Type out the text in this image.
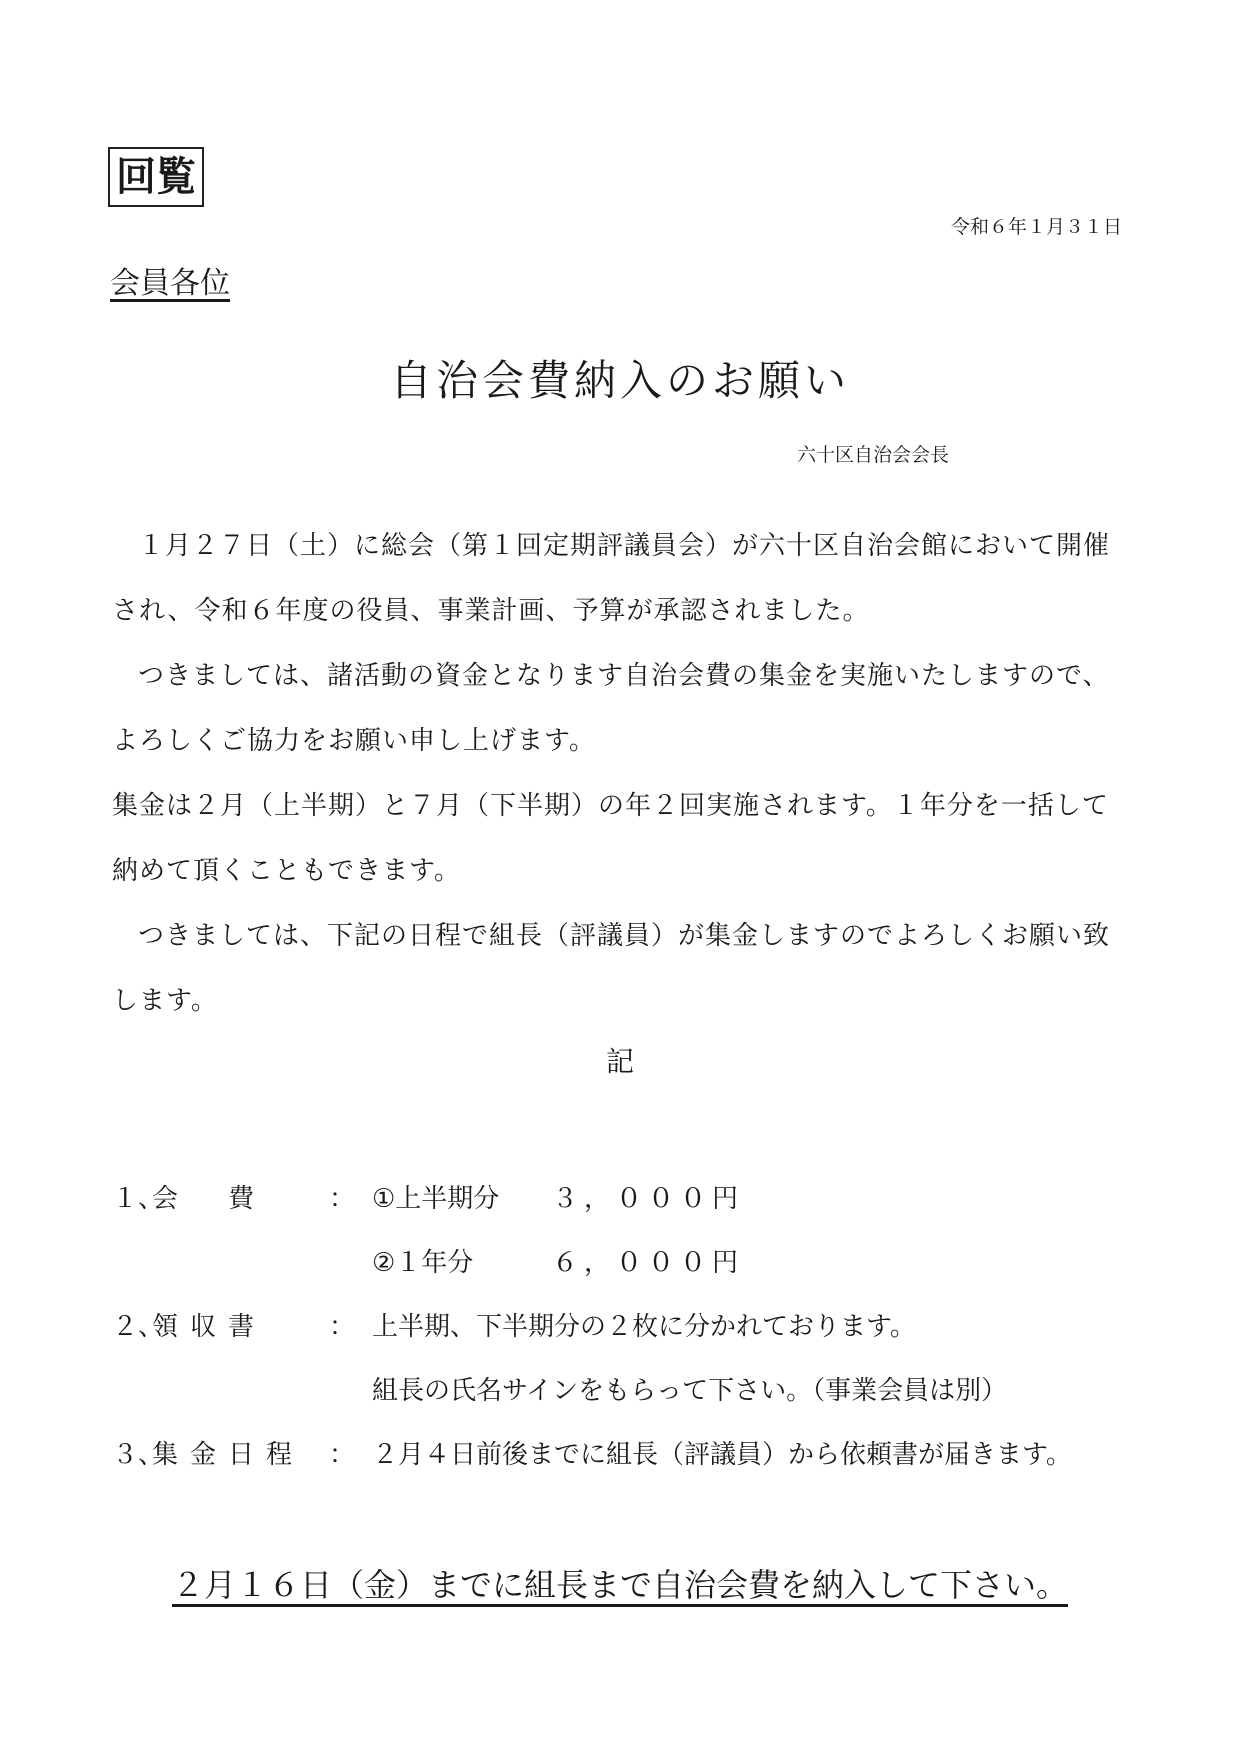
回覧
令和６年１月３１日
会員各位
自治会費納入のお願い
六十区自治会会長

１月２７日（土）に総会（第１回定期評議員会）が六十区自治会館において開催され、令和６年度の役員、事業計画、予算が承認されました。

つきましては、諸活動の資金となります自治会費の集金を実施いたしますので、よろしくご協力をお願い申し上げます。

集金は２月（上半期）と７月（下半期）の年２回実施されます。１年分を一括して納めて頂くこともできます。

つきましては、下記の日程で組長（評議員）が集金しますのでよろしくお願い致します。

記
１、
会　費	： ①上半期分	３，０００円
②１年分	６，０００円
２、
領収書	： 上半期、下半期分の２枚に分かれております。
組長の氏名サインをもらって下さい。（事業会員は別）
３、
集金日程 ： ２月４日前後までに組長（評議員）から依頼書が届きます。
２月１６日（金）までに組長まで自治会費を納入して下さい。
